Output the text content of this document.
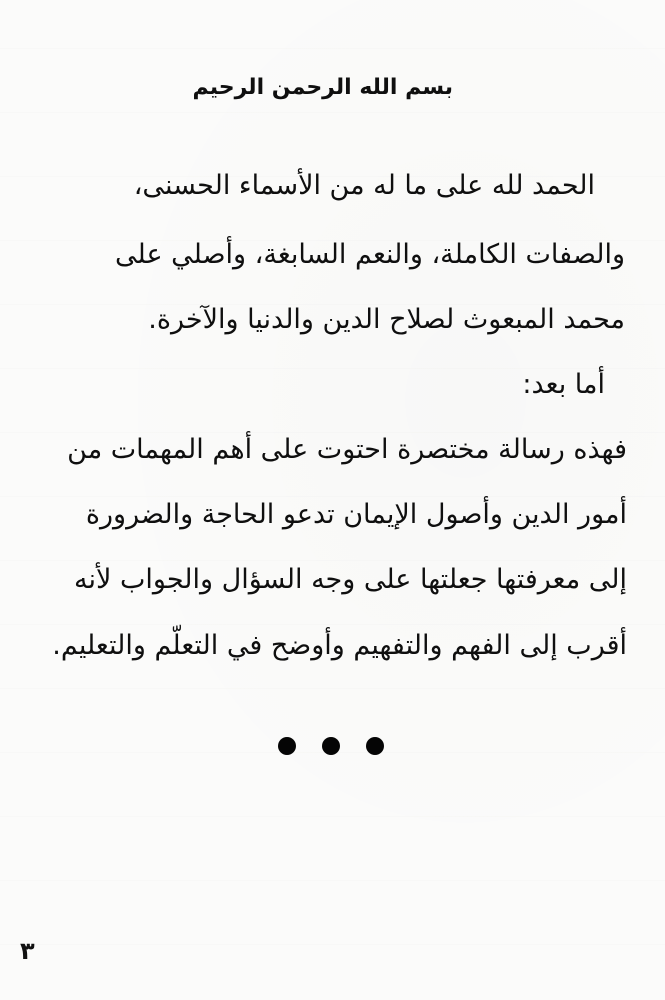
بسم الله الرحمن الرحيم
الحمد لله على ما له من الأسماء الحسنى،
والصفات الكاملة، والنعم السابغة، وأصلي على
محمد المبعوث لصلاح الدين والدنيا والآخرة.
أما بعد:
فهذه رسالة مختصرة احتوت على أهم المهمات من
أمور الدين وأصول الإيمان تدعو الحاجة والضرورة
إلى معرفتها جعلتها على وجه السؤال والجواب لأنه
أقرب إلى الفهم والتفهيم وأوضح في التعلّم والتعليم.
٣
